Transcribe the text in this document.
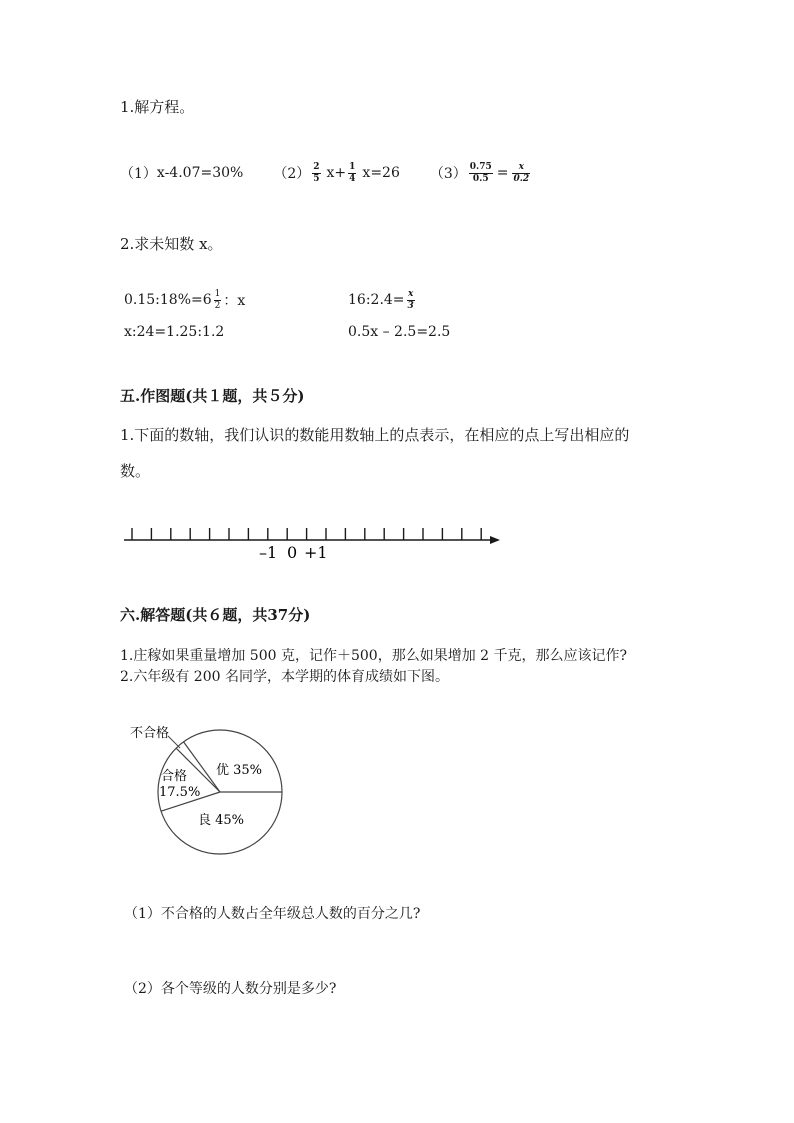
1.解方程。
（1） x-4.07=30% $(2) \frac{2}{5} x+ \frac{1}{4} x=26$ $(3) \frac{0.75}{0.5} = \frac{x}{0.2}$
2.求未知数 x。
0.15:18%=6 $\frac{1}{2}$ ：x	16:2.4= $\frac{x}{3}$
x:24=1.25:1.2	0.5x – 2.5=2.5
五.作图题(共１题，共５分)
1.下面的数轴，我们认识的数能用数轴上的点表示，在相应的点上写出相应的
数。
–1 0 +1
六.解答题(共６题，共37分)
1.庄稼如果重量增加 500 克，记作＋500，那么如果增加 2 千克，那么应该记作?
2.六年级有 200 名同学，本学期的体育成绩如下图。
不合格
优 35%
合格
17.5%
良 45%
（1）不合格的人数占全年级总人数的百分之几?
（2）各个等级的人数分别是多少?
